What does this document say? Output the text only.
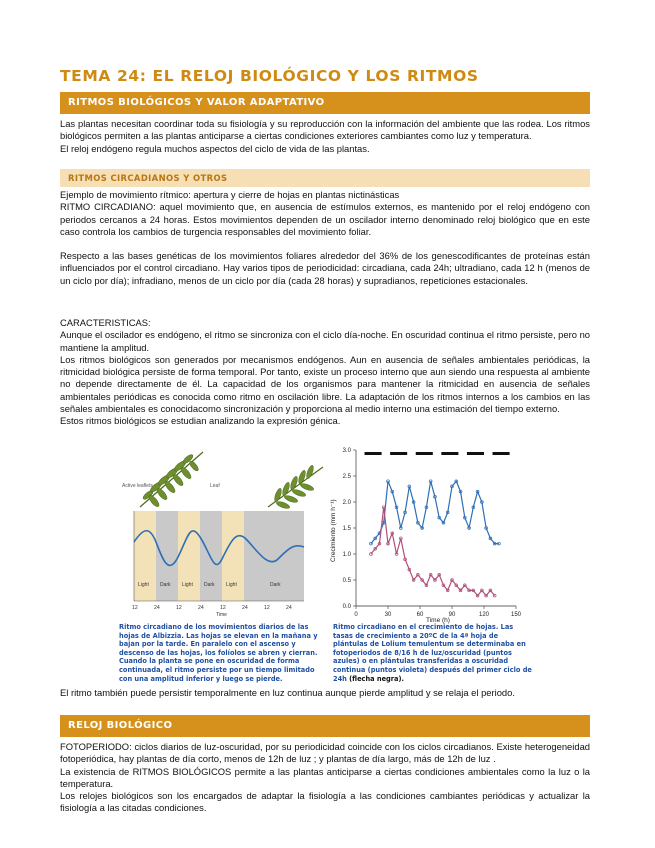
TEMA 24: EL RELOJ BIOLÓGICO Y LOS RITMOS
RITMOS BIOLÓGICOS Y VALOR ADAPTATIVO

Las plantas necesitan coordinar toda su fisiología y su reproducción con la información del ambiente que las rodea. Los ritmos biológicos permiten a las plantas anticiparse a ciertas condiciones exteriores cambiantes como luz y temperatura.

El reloj endógeno regula muchos aspectos del ciclo de vida de las plantas.

RITMOS CIRCADIANOS Y OTROS

Ejemplo de movimiento rítmico: apertura y cierre de hojas en plantas nictinásticas

RITMO CIRCADIANO: aquel movimiento que, en ausencia de estímulos externos, es mantenido por el reloj endógeno con periodos cercanos a 24 horas. Estos movimientos dependen de un oscilador interno denominado reloj biológico que en este caso controla los cambios de turgencia responsables del movimiento foliar.

Respecto a las bases genéticas de los movimientos foliares alrededor del 36% de los genescodificantes de proteínas están influenciados por el control circadiano. Hay varios tipos de periodicidad: circadiana, cada 24h; ultradiano, cada 12 h (menos de un ciclo por día); infradiano, menos de un ciclo por día (cada 28 horas) y supradianos, repeticiones estacionales.

CARACTERISTICAS:

Aunque el oscilador es endógeno, el ritmo se sincroniza con el ciclo día-noche. En oscuridad continua el ritmo persiste, pero no mantiene la amplitud.

Los ritmos biológicos son generados por mecanismos endógenos. Aun en ausencia de señales ambientales periódicas, la ritmicidad biológica persiste de forma temporal. Por tanto, existe un proceso interno que aun siendo una respuesta al ambiente no depende directamente de él. La capacidad de los organismos para mantener la ritmicidad en ausencia de señales ambientales periódicas es conocida como ritmo en oscilación libre. La adaptación de los ritmos internos a los cambios en las señales ambientales es conocidacomo sincronización y proporciona al medio interno una estimación del tiempo externo.

Estos ritmos biológicos se estudian analizando la expresión génica.

Active leaflets	Leaf
Light Dark Light Dark Light	Dark
12	24	12	24	12	24	12	24
Time
0.0
0.5
1.0
1.5
2.0
2.5
3.0
0	30	60	90	120	150
Crecimiento (mm h⁻¹)
Time (h)
Ritmo circadiano de los movimientos diarios de las hojas de Albizzia. Las hojas se elevan en la mañana y bajan por la tarde. En paralelo con el ascenso y descenso de las hojas, los folíolos se abren y cierran. Cuando la planta se pone en oscuridad de forma continuada, el ritmo persiste por un tiempo limitado con una amplitud inferior y luego se pierde.
Ritmo circadiano en el crecimiento de hojas. Las tasas de crecimiento a 20ºC de la 4ª hoja de plántulas de Lolium temulentum se determinaba en fotoperiodos de 8/16 h de luz/oscuridad (puntos azules) o en plántulas transferidas a oscuridad continua (puntos violeta) después del primer ciclo de 24h (flecha negra).
El ritmo también puede persistir temporalmente en luz continua aunque pierde amplitud y se relaja el periodo.
RELOJ BIOLÓGICO

FOTOPERIODO: ciclos diarios de luz-oscuridad, por su periodicidad coincide con los ciclos circadianos. Existe heterogeneidad fotoperiódica, hay plantas de día corto, menos de 12h de luz ; y plantas de día largo, más de 12h de luz .

La existencia de RITMOS BIOLÓGICOS permite a las plantas anticiparse a ciertas condiciones ambientales como la luz o la temperatura.

Los relojes biológicos son los encargados de adaptar la fisiología a las condiciones cambiantes periódicas y actualizar la fisiología a las citadas condiciones.
